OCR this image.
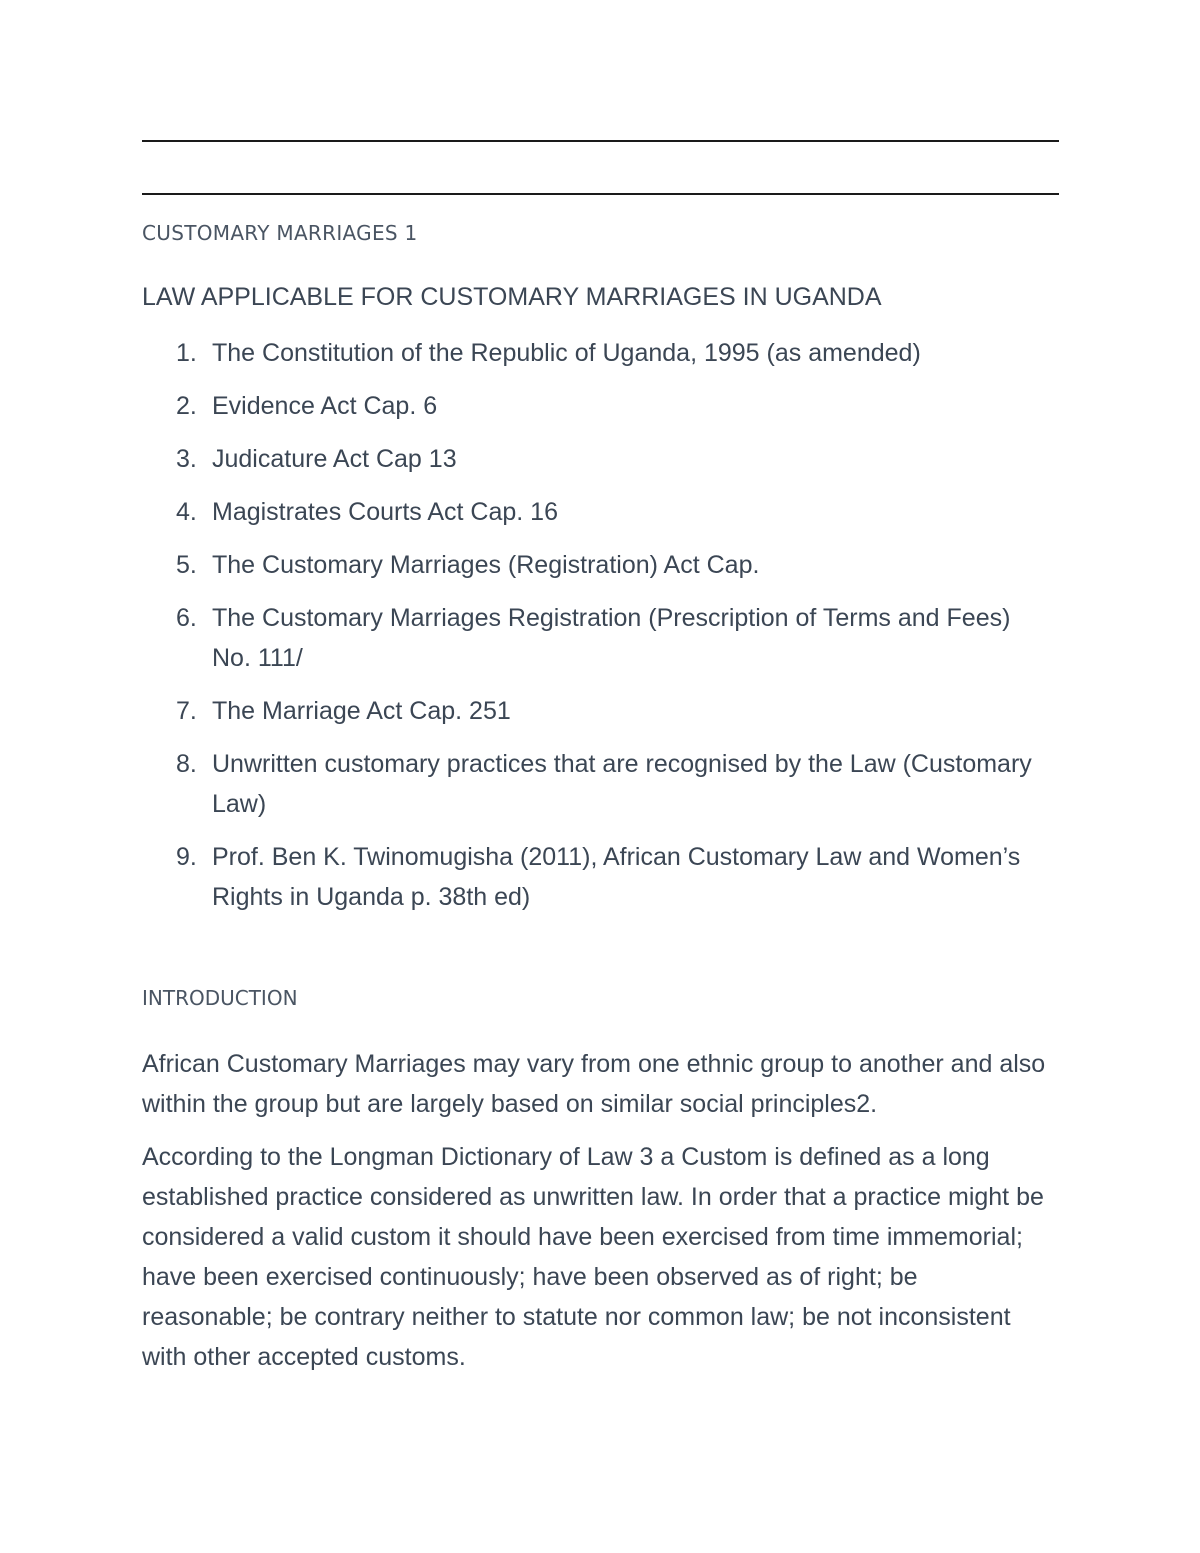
CUSTOMARY MARRIAGES 1
LAW APPLICABLE FOR CUSTOMARY MARRIAGES IN UGANDA
1. The Constitution of the Republic of Uganda, 1995 (as amended)
2. Evidence Act Cap. 6
3. Judicature Act Cap 13
4. Magistrates Courts Act Cap. 16
5. The Customary Marriages (Registration) Act Cap.
6. The Customary Marriages Registration (Prescription of Terms and Fees) No. 111/
7. The Marriage Act Cap. 251
8. Unwritten customary practices that are recognised by the Law (Customary Law)
9. Prof. Ben K. Twinomugisha (2011), African Customary Law and Women’s Rights in Uganda p. 38th ed)
INTRODUCTION

African Customary Marriages may vary from one ethnic group to another and also within the group but are largely based on similar social principles2.

According to the Longman Dictionary of Law 3 a Custom is defined as a long established practice considered as unwritten law. In order that a practice might be considered a valid custom it should have been exercised from time immemorial; have been exercised continuously; have been observed as of right; be reasonable; be contrary neither to statute nor common law; be not inconsistent with other accepted customs.
